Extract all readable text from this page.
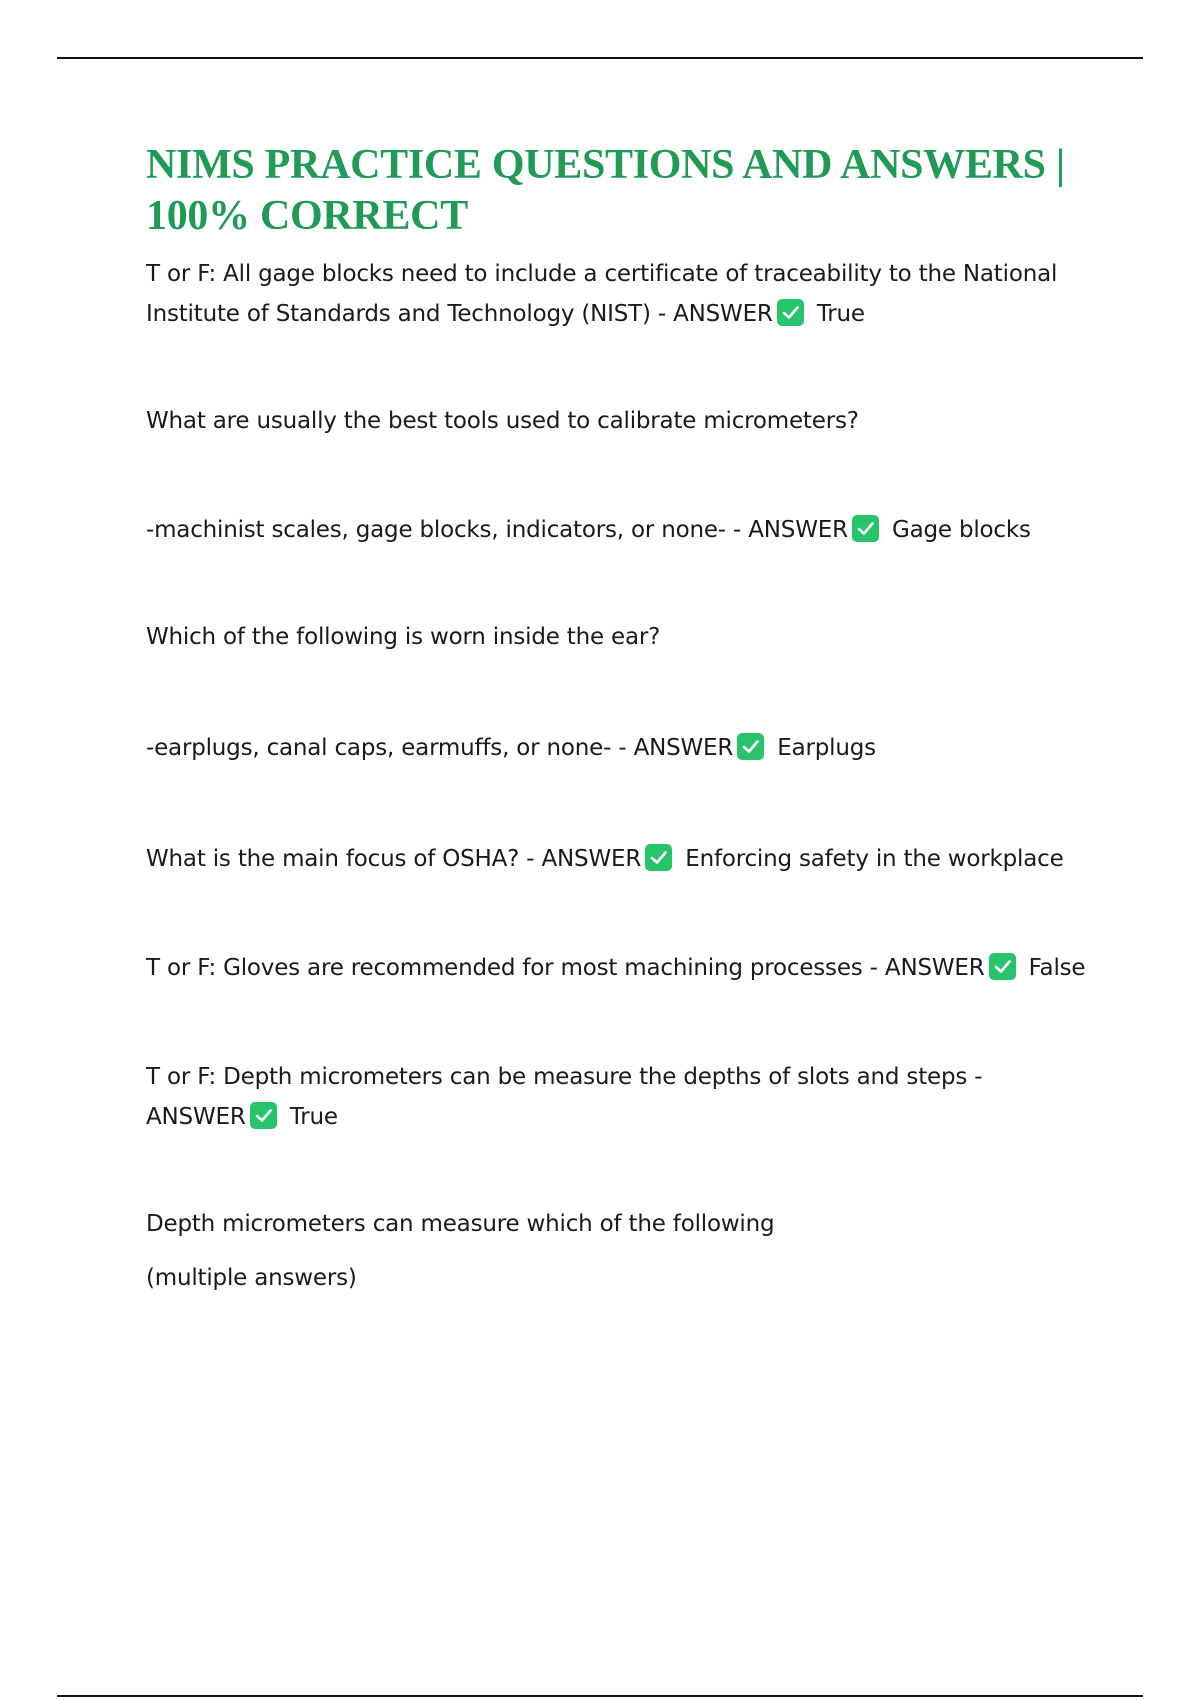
NIMS PRACTICE QUESTIONS AND ANSWERS | 100% CORRECT

T or F: All gage blocks need to include a certificate of traceability to the National Institute of Standards and Technology (NIST) - ANSWER True

What are usually the best tools used to calibrate micrometers?

-machinist scales, gage blocks, indicators, or none- - ANSWER Gage blocks

Which of the following is worn inside the ear?

-earplugs, canal caps, earmuffs, or none- - ANSWER Earplugs

What is the main focus of OSHA? - ANSWER Enforcing safety in the workplace

T or F: Gloves are recommended for most machining processes - ANSWER False

T or F: Depth micrometers can be measure the depths of slots and steps - ANSWER True

Depth micrometers can measure which of the following

(multiple answers)
